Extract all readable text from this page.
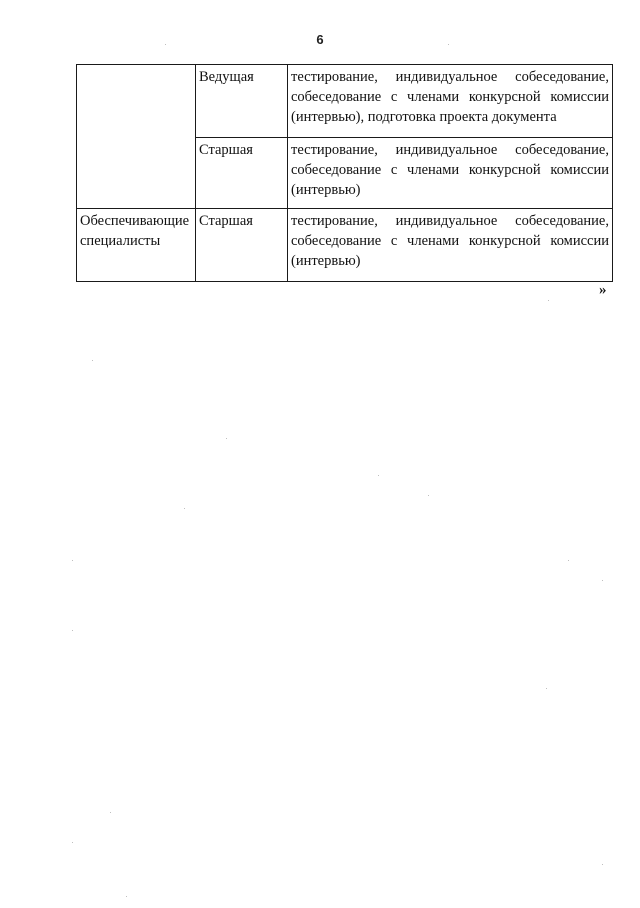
6
	Ведущая	тестирование, индивидуальное собеседование, собеседование с членами конкурсной комиссии (интервью), подготовка проекта документа
	Старшая	тестирование, индивидуальное собеседование, собеседование с членами конкурсной комиссии (интервью)
Обеспечивающие специалисты	Старшая	тестирование, индивидуальное собеседование, собеседование с членами конкурсной комиссии (интервью)
»
